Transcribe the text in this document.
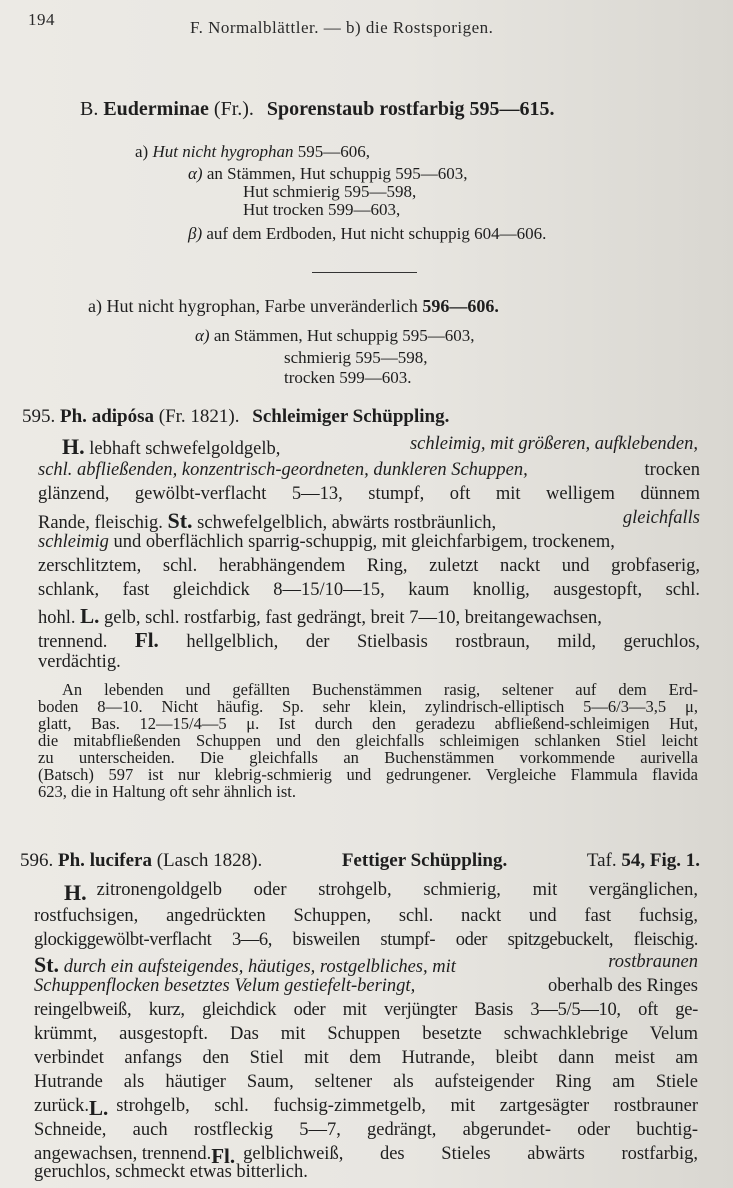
194	F. Normalblättler. — b) die Rostsporigen.
B. Euderminae (Fr.). Sporenstaub rostfarbig 595—615.
a) Hut nicht hygrophan 595—606,
α) an Stämmen, Hut schuppig 595—603,
Hut schmierig 595—598,
Hut trocken 599—603,
β) auf dem Erdboden, Hut nicht schuppig 604—606.
a) Hut nicht hygrophan, Farbe unveränderlich 596—606.
α) an Stämmen, Hut schuppig 595—603,
schmierig 595—598,
trocken 599—603.
595. Ph. adipósa (Fr. 1821). Schleimiger Schüppling.
H. lebhaft schwefelgoldgelb,	schleimig, mit größeren, aufklebenden,
schl. abfließenden, konzentrisch-geordneten, dunkleren Schuppen,	trocken
glänzend, gewölbt-verflacht 5—13, stumpf, oft mit welligem dünnem
Rande, fleischig. St. schwefelgelblich, abwärts rostbräunlich,	gleichfalls
schleimig und oberflächlich sparrig-schuppig, mit gleichfarbigem, trockenem,
zerschlitztem, schl. herabhängendem Ring, zuletzt nackt und grobfaserig,
schlank, fast gleichdick 8—15/10—15, kaum knollig, ausgestopft, schl.
hohl. L. gelb, schl. rostfarbig, fast gedrängt, breit 7—10, breitangewachsen,
trennend. Fl. hellgelblich, der Stielbasis rostbraun, mild, geruchlos,
verdächtig.
An lebenden und gefällten Buchenstämmen rasig, seltener auf dem Erd-
boden 8—10. Nicht häufig. Sp. sehr klein, zylindrisch-elliptisch 5—6/3—3,5 μ,
glatt, Bas. 12—15/4—5 μ. Ist durch den geradezu abfließend-schleimigen Hut,
die mitabfließenden Schuppen und den gleichfalls schleimigen schlanken Stiel leicht
zu unterscheiden. Die gleichfalls an Buchenstämmen vorkommende aurivella
(Batsch) 597 ist nur klebrig-schmierig und gedrungener. Vergleiche Flammula flavida
623, die in Haltung oft sehr ähnlich ist.
596. Ph. lucifera (Lasch 1828).	Fettiger Schüppling.	Taf. 54, Fig. 1.
H. zitronengoldgelb oder strohgelb, schmierig, mit vergänglichen,
rostfuchsigen, angedrückten Schuppen, schl. nackt und fast fuchsig,
glockiggewölbt-verflacht 3—6, bisweilen stumpf- oder spitzgebuckelt, fleischig.
St. durch ein aufsteigendes, häutiges, rostgelbliches, mit	rostbraunen
Schuppenflocken besetztes Velum gestiefelt-beringt,	oberhalb des Ringes
reingelbweiß, kurz, gleichdick oder mit verjüngter Basis 3—5/5—10, oft ge-
krümmt, ausgestopft. Das mit Schuppen besetzte schwachklebrige Velum
verbindet anfangs den Stiel mit dem Hutrande, bleibt dann meist am
Hutrande als häutiger Saum, seltener als aufsteigender Ring am Stiele
zurück. L. strohgelb, schl. fuchsig-zimmetgelb, mit zartgesägter rostbrauner
Schneide, auch rostfleckig 5—7, gedrängt, abgerundet- oder buchtig-
angewachsen, trennend. Fl. gelblichweiß, des Stieles abwärts rostfarbig,
geruchlos, schmeckt etwas bitterlich.
